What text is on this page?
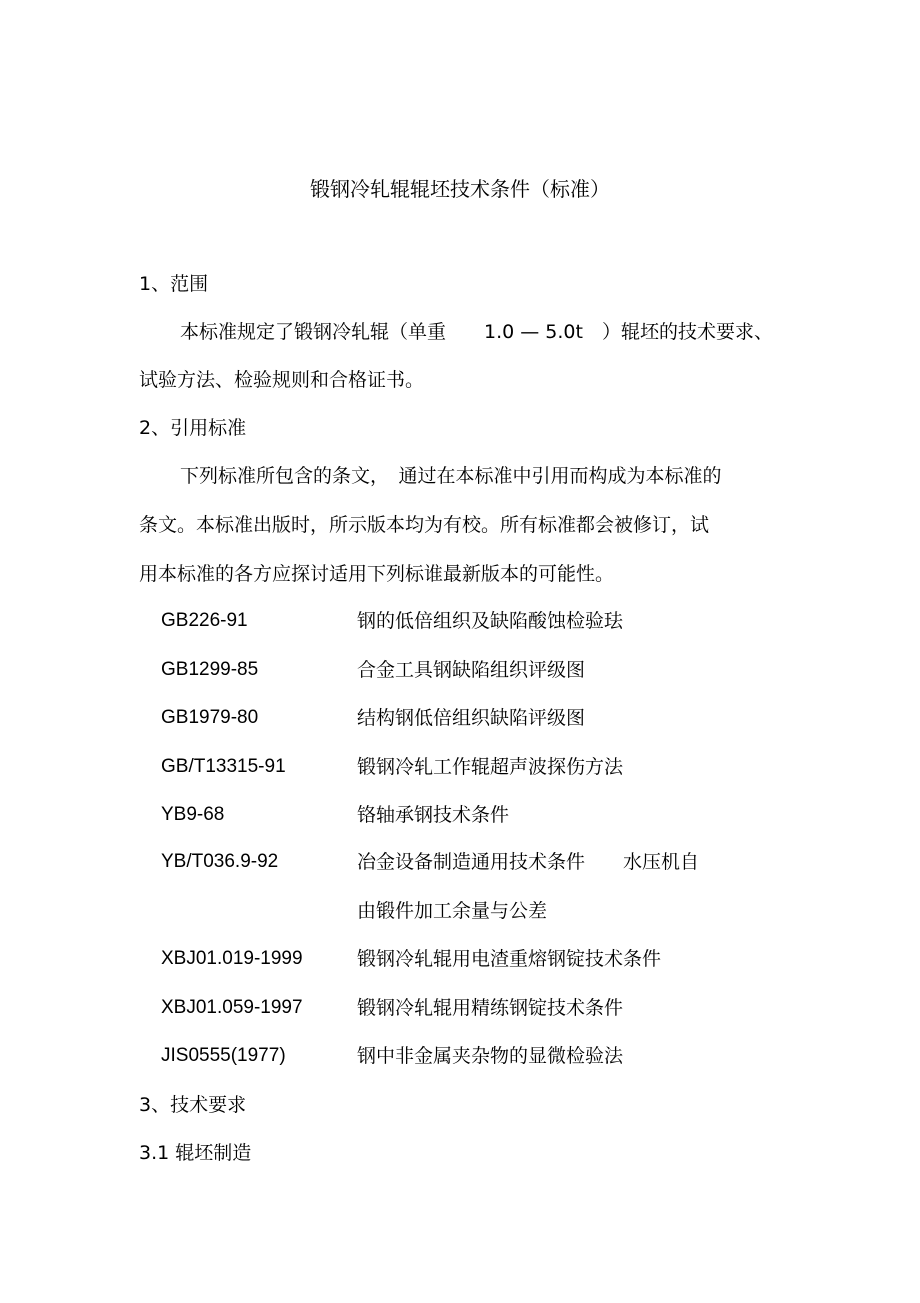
锻钢冷轧辊辊坯技术条件（标准）
1、范围
本标准规定了锻钢冷轧辊（单重　　1.0 — 5.0t　）辊坯的技术要求、
试验方法、检验规则和合格证书。
2、引用标准
下列标准所包含的条文，　通过在本标准中引用而构成为本标准的
条文。本标准出版时，所示版本均为有校。所有标准都会被修订，试
用本标准的各方应探讨适用下列标谁最新版本的可能性。
GB226-91	钢的低倍组织及缺陷酸蚀检验珐
GB1299-85	合金工具钢缺陷组织评级图
GB1979-80	结构钢低倍组织缺陷评级图
GB/T13315-91	锻钢冷轧工作辊超声波探伤方法
YB9-68	铬轴承钢技术条件
YB/T036.9-92	冶金设备制造通用技术条件　　水压机自
由锻件加工余量与公差
XBJ01.019-1999	锻钢冷轧辊用电渣重熔钢锭技术条件
XBJ01.059-1997	锻钢冷轧辊用精练钢锭技术条件
JIS0555(1977)	钢中非金属夹杂物的显微检验法
3、技术要求
3.1 辊坯制造
